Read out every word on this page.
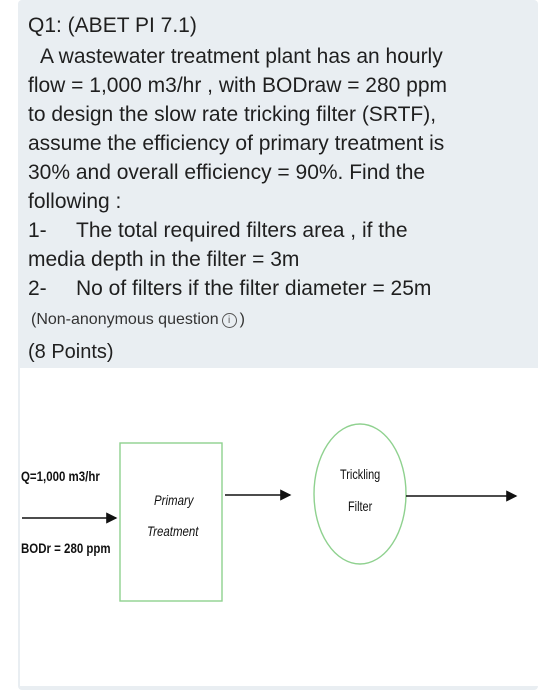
Q1: (ABET PI 7.1)
A wastewater treatment plant has an hourly
flow = 1,000 m3/hr , with BODraw = 280 ppm
to design the slow rate tricking filter (SRTF),
assume the efficiency of primary treatment is
30% and overall efficiency = 90%. Find the
following :
1- The total required filters area , if the
media depth in the filter = 3m
2- No of filters if the filter diameter = 25m
(Non-anonymous question i )
(8 Points)
Q=1,000 m3/hr
BODr = 280 ppm
Primary
Treatment
Trickling
Filter
